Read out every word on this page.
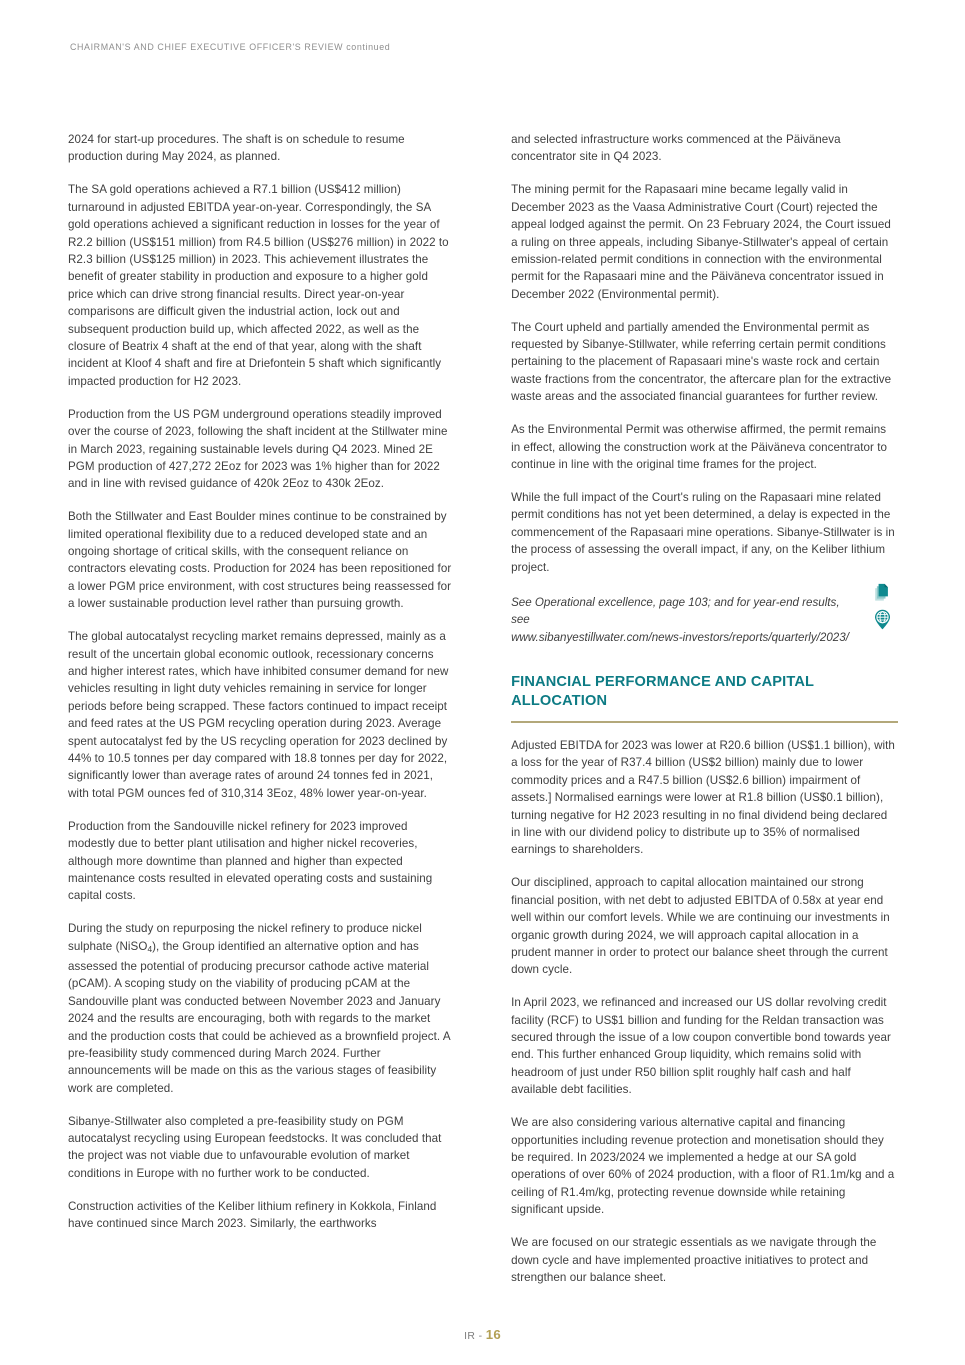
CHAIRMAN'S AND CHIEF EXECUTIVE OFFICER'S REVIEW continued

2024 for start-up procedures. The shaft is on schedule to resume production during May 2024, as planned.

The SA gold operations achieved a R7.1 billion (US$412 million) turnaround in adjusted EBITDA year-on-year. Correspondingly, the SA gold operations achieved a significant reduction in losses for the year of R2.2 billion (US$151 million) from R4.5 billion (US$276 million) in 2022 to R2.3 billion (US$125 million) in 2023. This achievement illustrates the benefit of greater stability in production and exposure to a higher gold price which can drive strong financial results. Direct year-on-year comparisons are difficult given the industrial action, lock out and subsequent production build up, which affected 2022, as well as the closure of Beatrix 4 shaft at the end of that year, along with the shaft incident at Kloof 4 shaft and fire at Driefontein 5 shaft which significantly impacted production for H2 2023.

Production from the US PGM underground operations steadily improved over the course of 2023, following the shaft incident at the Stillwater mine in March 2023, regaining sustainable levels during Q4 2023. Mined 2E PGM production of 427,272 2Eoz for 2023 was 1% higher than for 2022 and in line with revised guidance of 420k 2Eoz to 430k 2Eoz.

Both the Stillwater and East Boulder mines continue to be constrained by limited operational flexibility due to a reduced developed state and an ongoing shortage of critical skills, with the consequent reliance on contractors elevating costs. Production for 2024 has been repositioned for a lower PGM price environment, with cost structures being reassessed for a lower sustainable production level rather than pursuing growth.

The global autocatalyst recycling market remains depressed, mainly as a result of the uncertain global economic outlook, recessionary concerns and higher interest rates, which have inhibited consumer demand for new vehicles resulting in light duty vehicles remaining in service for longer periods before being scrapped. These factors continued to impact receipt and feed rates at the US PGM recycling operation during 2023. Average spent autocatalyst fed by the US recycling operation for 2023 declined by 44% to 10.5 tonnes per day compared with 18.8 tonnes per day for 2022, significantly lower than average rates of around 24 tonnes fed in 2021, with total PGM ounces fed of 310,314 3Eoz, 48% lower year-on-year.

Production from the Sandouville nickel refinery for 2023 improved modestly due to better plant utilisation and higher nickel recoveries, although more downtime than planned and higher than expected maintenance costs resulted in elevated operating costs and sustaining capital costs.

During the study on repurposing the nickel refinery to produce nickel sulphate (NiSO$_4$), the Group identified an alternative option and has assessed the potential of producing precursor cathode active material (pCAM). A scoping study on the viability of producing pCAM at the Sandouville plant was conducted between November 2023 and January 2024 and the results are encouraging, both with regards to the market and the production costs that could be achieved as a brownfield project. A pre-feasibility study commenced during March 2024. Further announcements will be made on this as the various stages of feasibility work are completed.

Sibanye-Stillwater also completed a pre-feasibility study on PGM autocatalyst recycling using European feedstocks. It was concluded that the project was not viable due to unfavourable evolution of market conditions in Europe with no further work to be conducted.

Construction activities of the Keliber lithium refinery in Kokkola, Finland have continued since March 2023. Similarly, the earthworks

and selected infrastructure works commenced at the Päiväneva concentrator site in Q4 2023.

The mining permit for the Rapasaari mine became legally valid in December 2023 as the Vaasa Administrative Court (Court) rejected the appeal lodged against the permit. On 23 February 2024, the Court issued a ruling on three appeals, including Sibanye-Stillwater's appeal of certain emission-related permit conditions in connection with the environmental permit for the Rapasaari mine and the Päiväneva concentrator issued in December 2022 (Environmental permit).

The Court upheld and partially amended the Environmental permit as requested by Sibanye-Stillwater, while referring certain permit conditions pertaining to the placement of Rapasaari mine's waste rock and certain waste fractions from the concentrator, the aftercare plan for the extractive waste areas and the associated financial guarantees for further review.

As the Environmental Permit was otherwise affirmed, the permit remains in effect, allowing the construction work at the Päiväneva concentrator to continue in line with the original time frames for the project.

While the full impact of the Court's ruling on the Rapasaari mine related permit conditions has not yet been determined, a delay is expected in the commencement of the Rapasaari mine operations. Sibanye-Stillwater is in the process of assessing the overall impact, if any, on the Keliber lithium project.

See Operational excellence, page 103; and for year-end results, see

www.sibanyestillwater.com/news-investors/reports/quarterly/2023/

FINANCIAL PERFORMANCE AND CAPITAL ALLOCATION

Adjusted EBITDA for 2023 was lower at R20.6 billion (US$1.1 billion), with a loss for the year of R37.4 billion (US$2 billion) mainly due to lower commodity prices and a R47.5 billion (US$2.6 billion) impairment of assets.] Normalised earnings were lower at R1.8 billion (US$0.1 billion), turning negative for H2 2023 resulting in no final dividend being declared in line with our dividend policy to distribute up to 35% of normalised earnings to shareholders.

Our disciplined, approach to capital allocation maintained our strong financial position, with net debt to adjusted EBITDA of 0.58x at year end well within our comfort levels. While we are continuing our investments in organic growth during 2024, we will approach capital allocation in a prudent manner in order to protect our balance sheet through the current down cycle.

In April 2023, we refinanced and increased our US dollar revolving credit facility (RCF) to US$1 billion and funding for the Reldan transaction was secured through the issue of a low coupon convertible bond towards year end. This further enhanced Group liquidity, which remains solid with headroom of just under R50 billion split roughly half cash and half available debt facilities.

We are also considering various alternative capital and financing opportunities including revenue protection and monetisation should they be required. In 2023/2024 we implemented a hedge at our SA gold operations of over 60% of 2024 production, with a floor of R1.1m/kg and a ceiling of R1.4m/kg, protecting revenue downside while retaining significant upside.

We are focused on our strategic essentials as we navigate through the down cycle and have implemented proactive initiatives to protect and strengthen our balance sheet.

IR - 16
